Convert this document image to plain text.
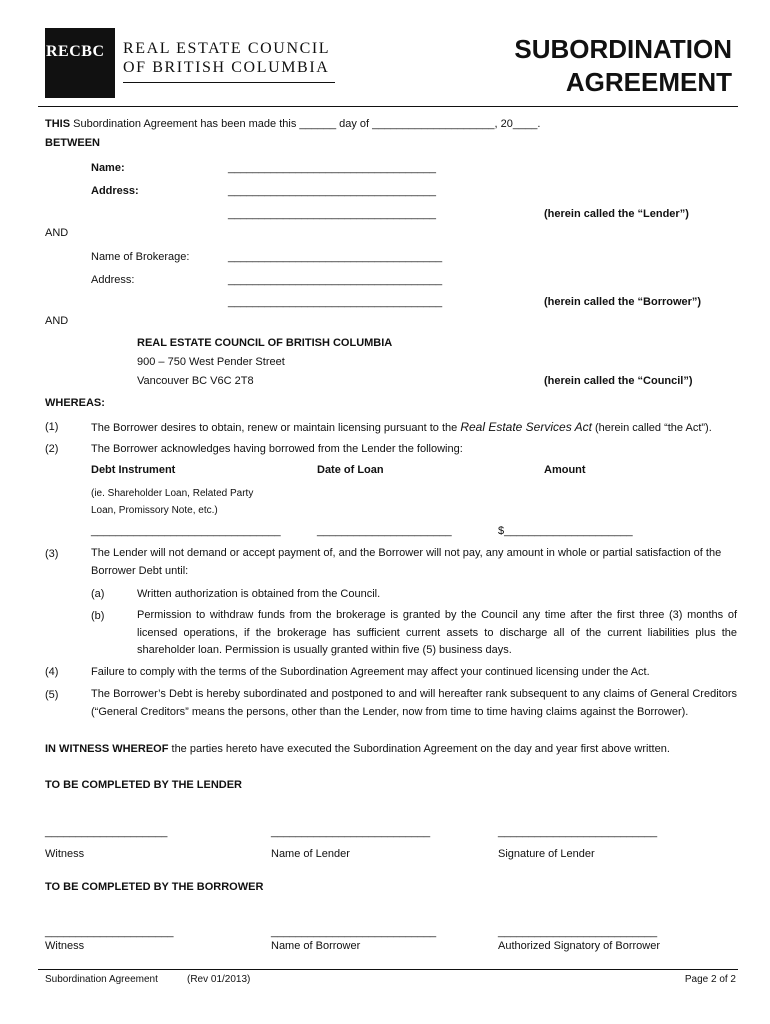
RECBC	REAL ESTATE COUNCIL
OF BRITISH COLUMBIA
SUBORDINATION
AGREEMENT
THIS Subordination Agreement has been made this ______ day of ____________________, 20____.
BETWEEN
Name:	__________________________________
Address:	__________________________________
__________________________________	(herein called the “Lender”)
AND
Name of Brokerage:	___________________________________
Address:	___________________________________
___________________________________	(herein called the “Borrower”)
AND
REAL ESTATE COUNCIL OF BRITISH COLUMBIA
900 – 750 West Pender Street
Vancouver BC V6C 2T8	(herein called the “Council”)
WHEREAS:
(1)	The Borrower desires to obtain, renew or maintain licensing pursuant to the Real Estate Services Act (herein called “the Act”).
(2)	The Borrower acknowledges having borrowed from the Lender the following:
Debt Instrument	Date of Loan	Amount
(ie. Shareholder Loan, Related Party
Loan, Promissory Note, etc.)
_______________________________	______________________	$_____________________
(3)	The Lender will not demand or accept payment of, and the Borrower will not pay, any amount in whole or partial satisfaction of the Borrower Debt until:
(a)	Written authorization is obtained from the Council.
(b)	Permission to withdraw funds from the brokerage is granted by the Council any time after the first three (3) months of licensed operations, if the brokerage has sufficient current assets to discharge all of the current liabilities plus the shareholder loan. Permission is usually granted within five (5) business days.
(4)	Failure to comply with the terms of the Subordination Agreement may affect your continued licensing under the Act.
(5)	The Borrower’s Debt is hereby subordinated and postponed to and will hereafter rank subsequent to any claims of General Creditors (“General Creditors” means the persons, other than the Lender, now from time to time having claims against the Borrower).
IN WITNESS WHEREOF the parties hereto have executed the Subordination Agreement on the day and year first above written.
TO BE COMPLETED BY THE LENDER
____________________	__________________________	__________________________
Witness	Name of Lender	Signature of Lender
TO BE COMPLETED BY THE BORROWER
_____________________	___________________________	__________________________
Witness	Name of Borrower	Authorized Signatory of Borrower
Subordination Agreement	(Rev 01/2013)	Page 2 of 2
